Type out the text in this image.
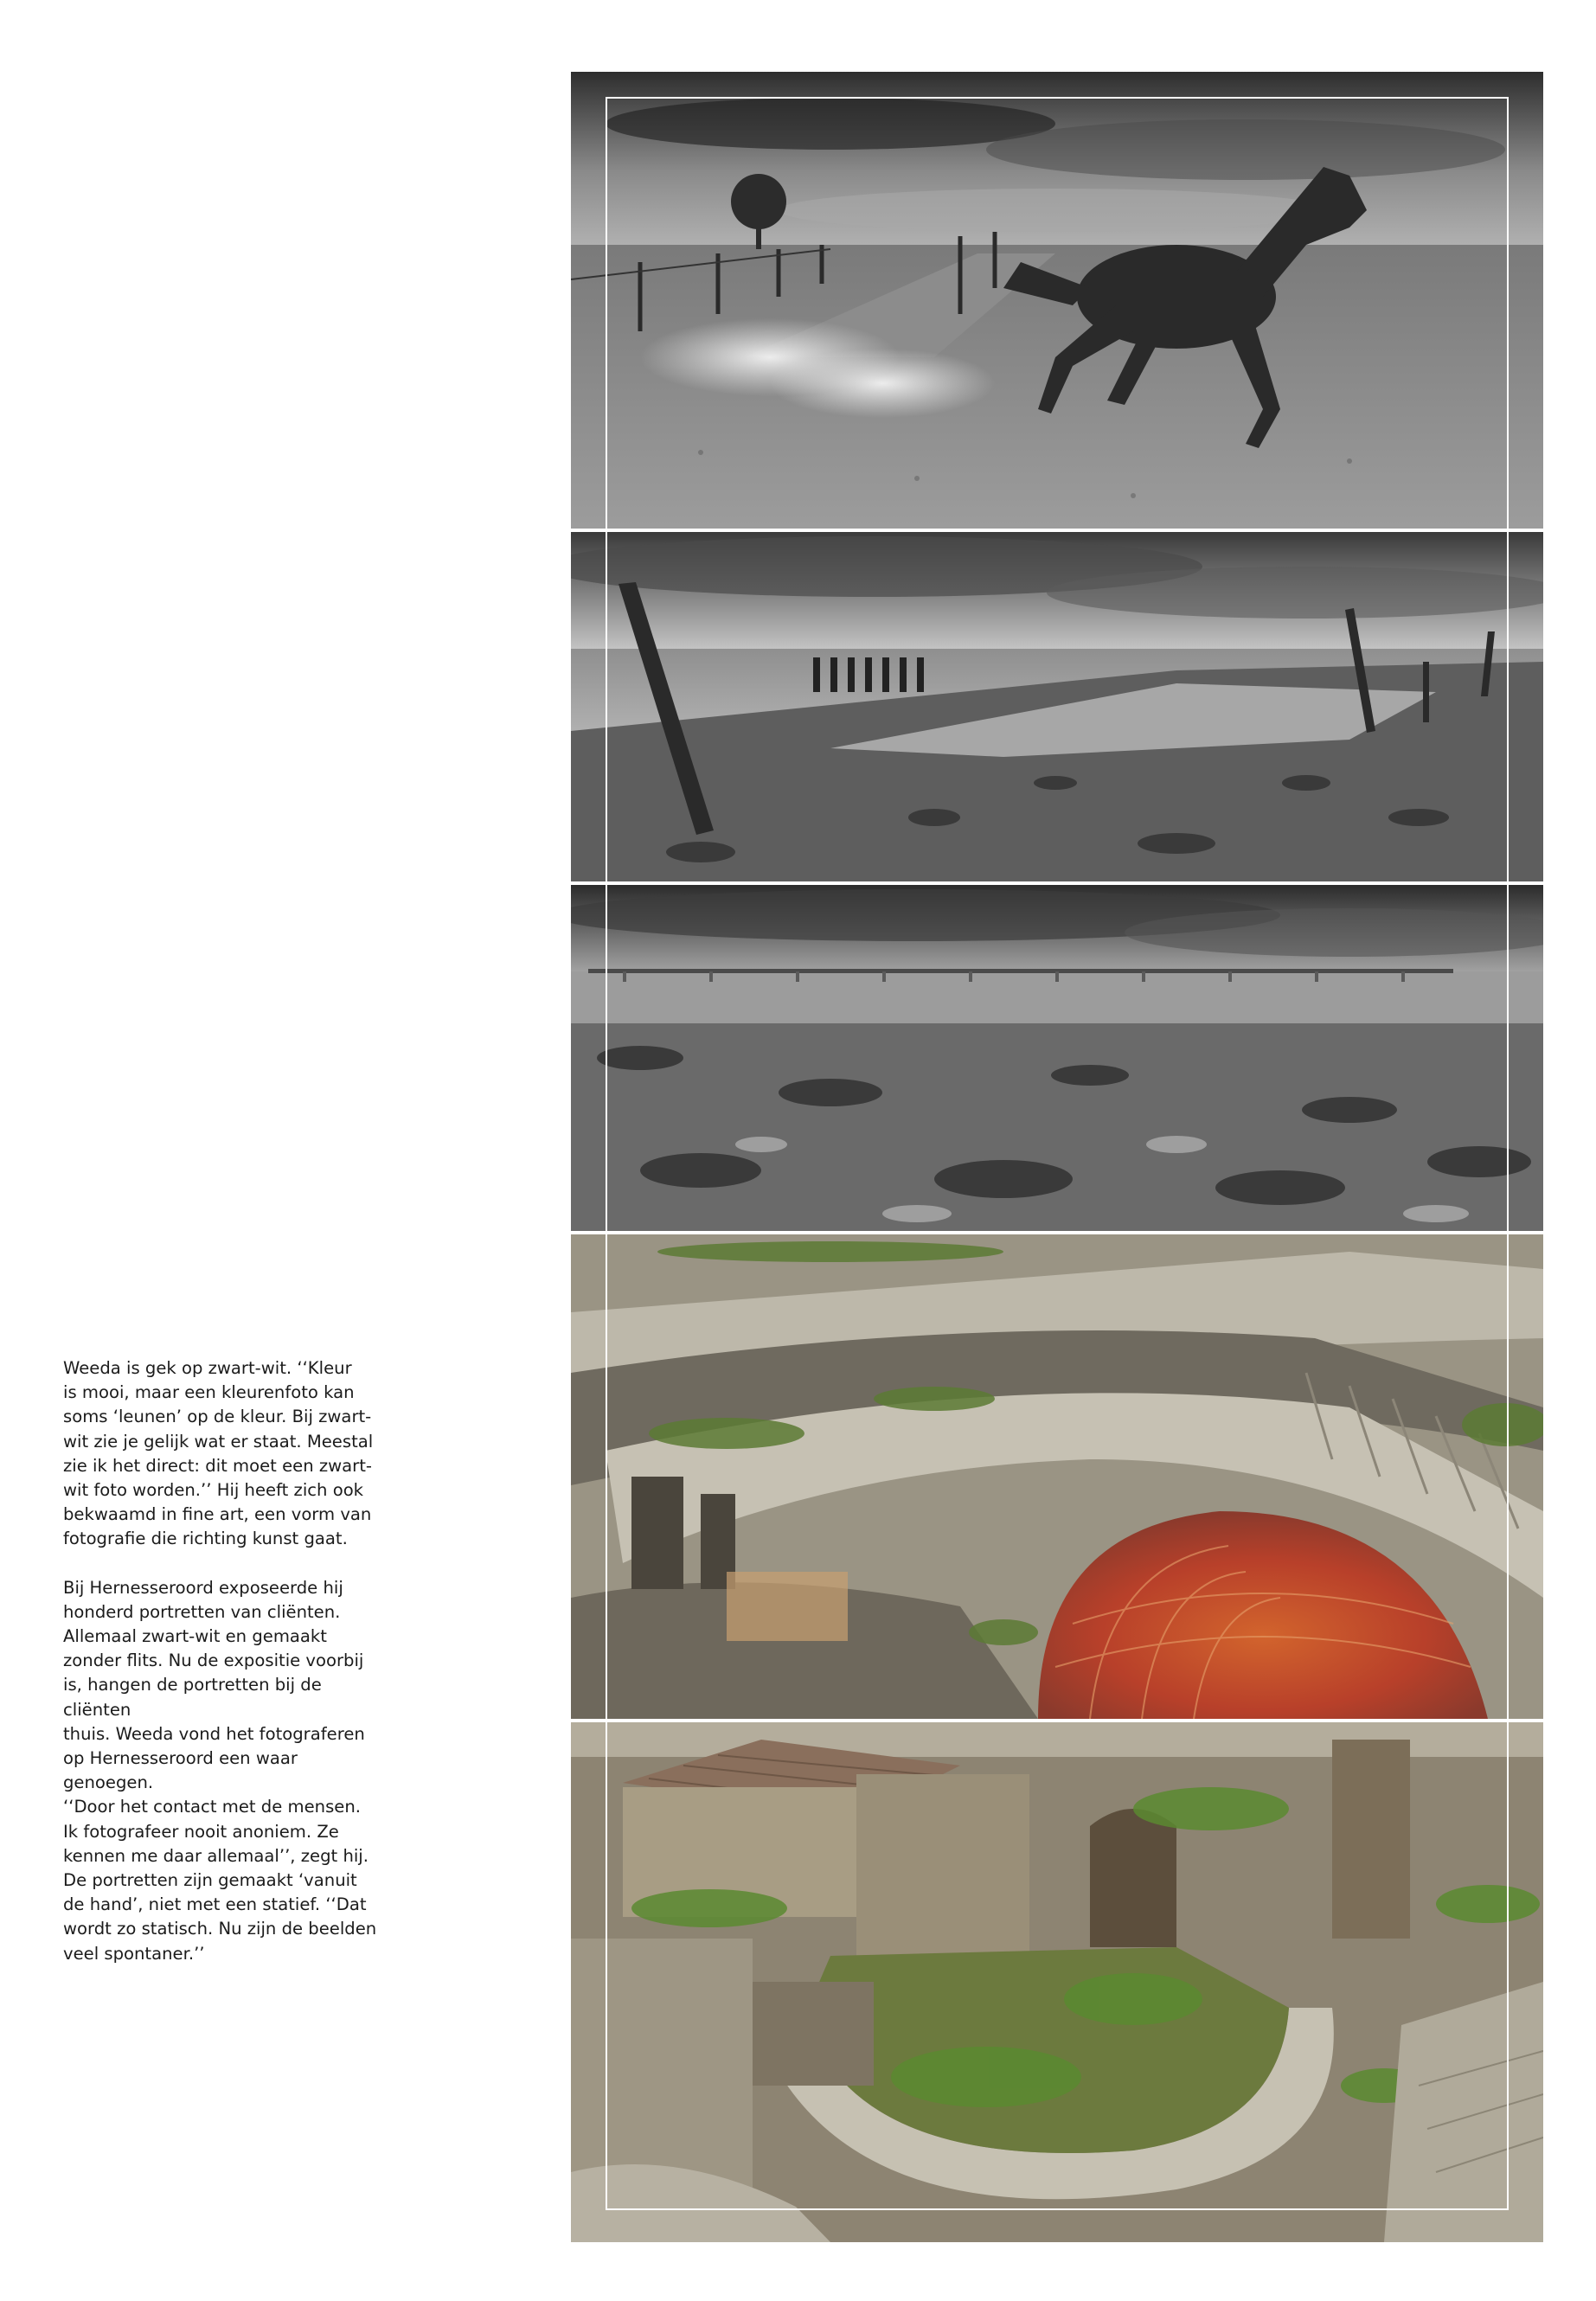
Weeda is gek op zwart-wit. ‘‘Kleur
is mooi, maar een kleurenfoto kan
soms ‘leunen’ op de kleur. Bij zwart-
wit zie je gelijk wat er staat. Meestal
zie ik het direct: dit moet een zwart-
wit foto worden.’’ Hij heeft zich ook
bekwaamd in fine art, een vorm van
fotografie die richting kunst gaat.

Bij Hernesseroord exposeerde hij
honderd portretten van cliënten.
Allemaal zwart-wit en gemaakt
zonder flits. Nu de expositie voorbij
is, hangen de portretten bij de cliënten
thuis. Weeda vond het fotograferen
op Hernesseroord een waar genoegen.
‘‘Door het contact met de mensen.
Ik fotografeer nooit anoniem. Ze
kennen me daar allemaal’’, zegt hij.
De portretten zijn gemaakt ‘vanuit
de hand’, niet met een statief. ‘‘Dat
wordt zo statisch. Nu zijn de beelden
veel spontaner.’’
